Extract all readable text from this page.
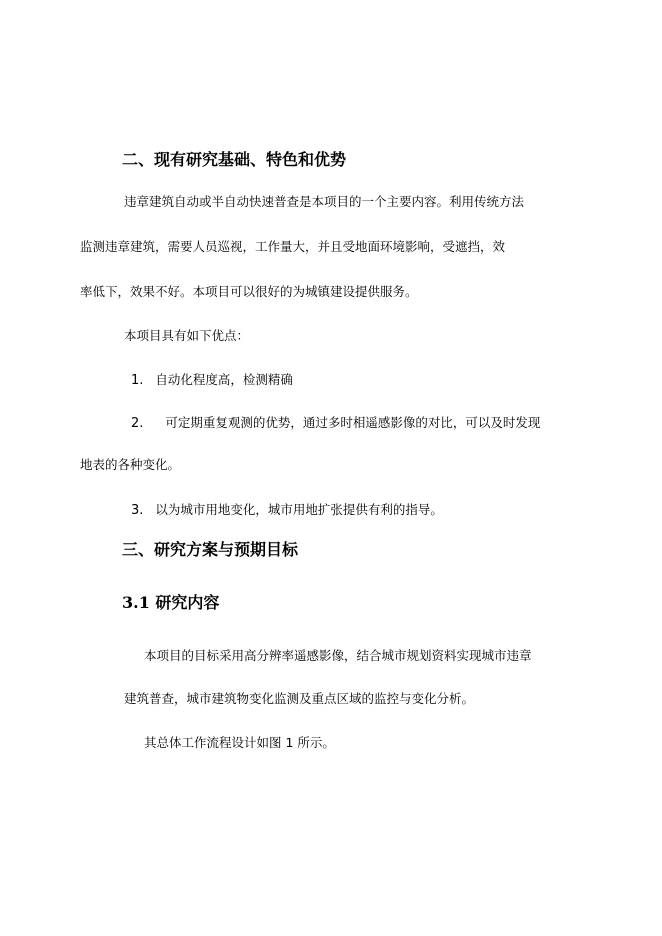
二、现有研究基础、特色和优势
违章建筑自动或半自动快速普查是本项目的一个主要内容。利用传统方法
监测违章建筑，需要人员巡视，工作量大，并且受地面环境影响，受遮挡，效
率低下，效果不好。本项目可以很好的为城镇建设提供服务。
本项目具有如下优点：
1. 自动化程度高，检测精确
2. 可定期重复观测的优势，通过多时相遥感影像的对比，可以及时发现
地表的各种变化。
3. 以为城市用地变化，城市用地扩张提供有利的指导。
三、研究方案与预期目标
3.1 研究内容
本项目的目标采用高分辨率遥感影像，结合城市规划资料实现城市违章
建筑普查，城市建筑物变化监测及重点区域的监控与变化分析。
其总体工作流程设计如图 1 所示。
